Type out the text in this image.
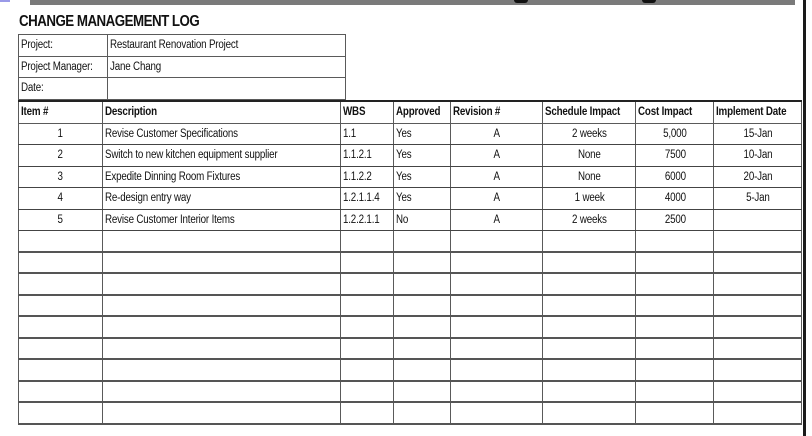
CHANGE MANAGEMENT LOG
Project:	Restaurant Renovation Project
Project Manager:	Jane Chang
Date:	
Item #	Description	WBS	Approved	Revision #	Schedule Impact	Cost Impact	Implement Date
1	Revise Customer Specifications	1.1	Yes	A	2 weeks	5,000	15-Jan
2	Switch to new kitchen equipment supplier	1.1.2.1	Yes	A	None	7500	10-Jan
3	Expedite Dinning Room Fixtures	1.1.2.2	Yes	A	None	6000	20-Jan
4	Re-design entry way	1.2.1.1.4	Yes	A	1 week	4000	5-Jan
5	Revise Customer Interior Items	1.2.2.1.1	No	A	2 weeks	2500	
